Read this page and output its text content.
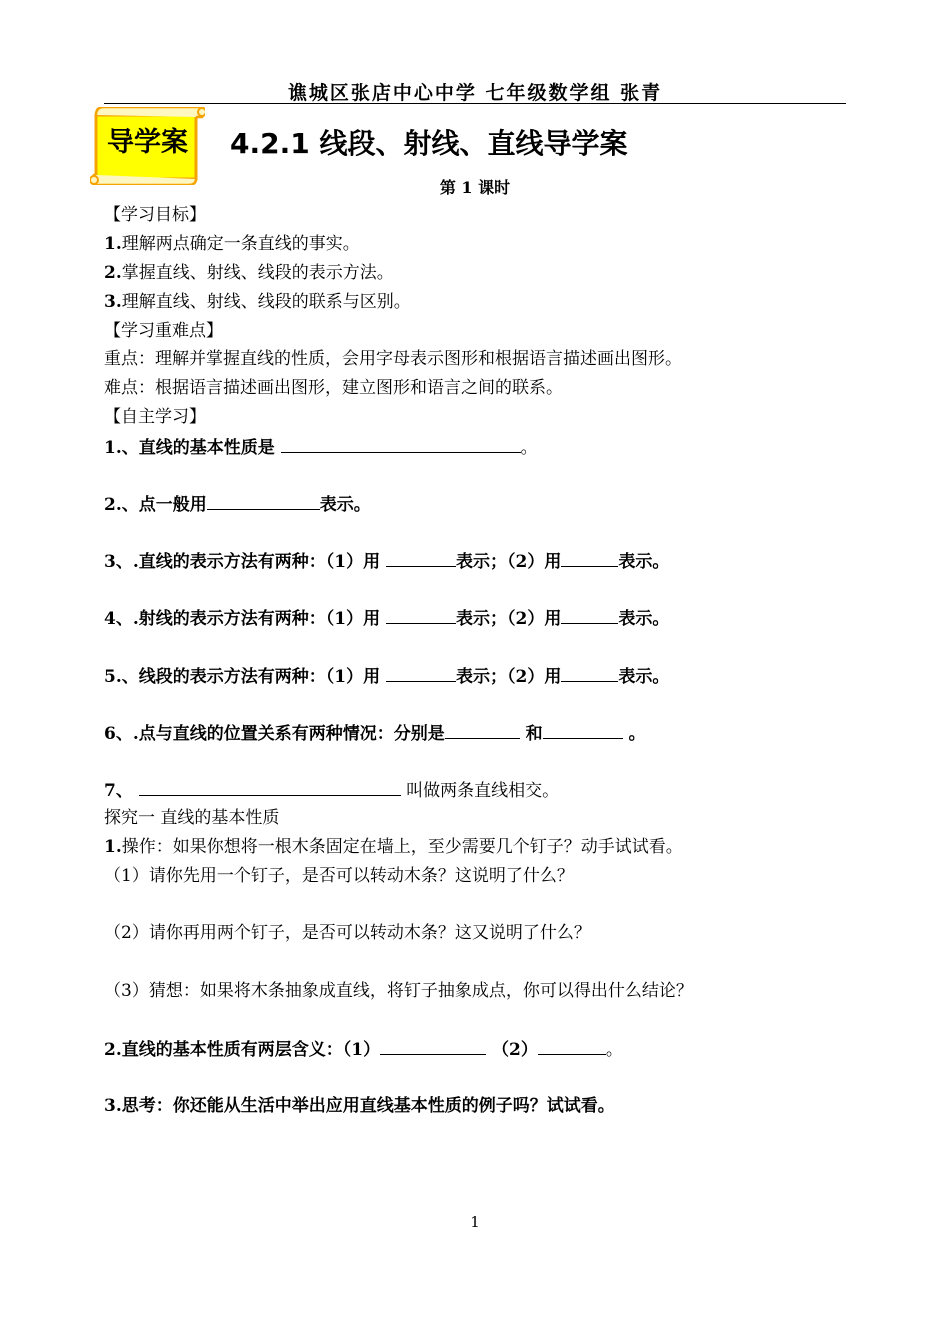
谯城区张店中心中学 七年级数学组 张青
导学案	4.2.1 线段、射线、直线导学案
第 1 课时
【学习目标】
1.理解两点确定一条直线的事实。
2.掌握直线、射线、线段的表示方法。
3.理解直线、射线、线段的联系与区别。
【学习重难点】
重点：理解并掌握直线的性质，会用字母表示图形和根据语言描述画出图形。
难点：根据语言描述画出图形，建立图形和语言之间的联系。
【自主学习】
1.、直线的基本性质是	。
2.、点一般用	表示。
3、.直线的表示方法有两种：（1）用	表示；（2）用	表示。
4、.射线的表示方法有两种：（1）用	表示；（2）用	表示。
5.、线段的表示方法有两种：（1）用	表示；（2）用	表示。
6、.点与直线的位置关系有两种情况：分别是	和	。
7、	叫做两条直线相交。
探究一 直线的基本性质
1.操作：如果你想将一根木条固定在墙上，至少需要几个钉子？动手试试看。
（1）请你先用一个钉子，是否可以转动木条？这说明了什么？
（2）请你再用两个钉子，是否可以转动木条？这又说明了什么？
（3）猜想：如果将木条抽象成直线，将钉子抽象成点，你可以得出什么结论？
2.直线的基本性质有两层含义：（1）	（2）	。
3.思考：你还能从生活中举出应用直线基本性质的例子吗？试试看。
1
